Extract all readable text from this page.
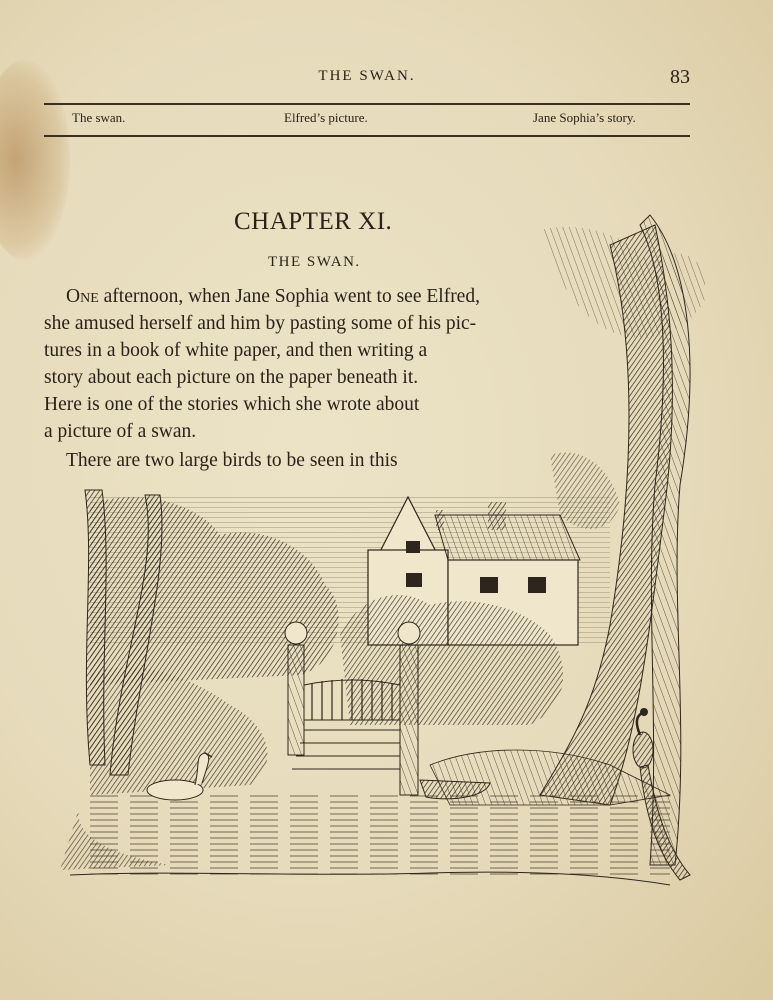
THE SWAN.	83
The swan.	Elfred’s picture.	Jane Sophia’s story.
CHAPTER XI.
THE SWAN.
One afternoon, when Jane Sophia went to see Elfred,
she amused herself and him by pasting some of his pic-
tures in a book of white paper, and then writing a
story about each picture on the paper beneath it.
Here is one of the stories which she wrote about
a picture of a swan.
There are two large birds to be seen in this
